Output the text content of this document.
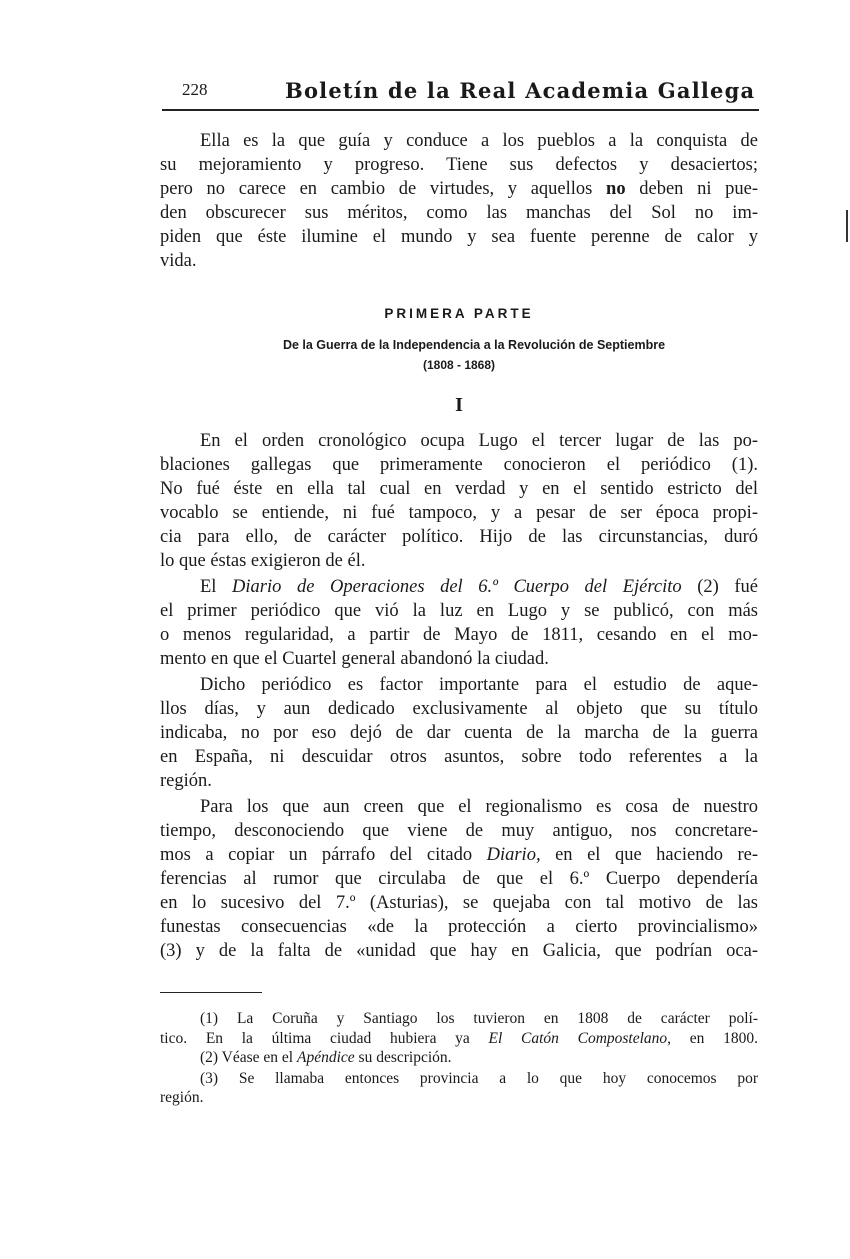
228	Boletín de la Real Academia Gallega
Ella es la que guía y conduce a los pueblos a la conquista de
su mejoramiento y progreso. Tiene sus defectos y desaciertos;
pero no carece en cambio de virtudes, y aquellos no deben ni pue-
den obscurecer sus méritos, como las manchas del Sol no im-
piden que éste ilumine el mundo y sea fuente perenne de calor y
vida.
PRIMERA PARTE
De la Guerra de la Independencia a la Revolución de Septiembre
(1808 - 1868)
I
En el orden cronológico ocupa Lugo el tercer lugar de las po-
blaciones gallegas que primeramente conocieron el periódico (1).
No fué éste en ella tal cual en verdad y en el sentido estricto del
vocablo se entiende, ni fué tampoco, y a pesar de ser época propi-
cia para ello, de carácter político. Hijo de las circunstancias, duró
lo que éstas exigieron de él.
El Diario de Operaciones del 6.º Cuerpo del Ejército (2) fué
el primer periódico que vió la luz en Lugo y se publicó, con más
o menos regularidad, a partir de Mayo de 1811, cesando en el mo-
mento en que el Cuartel general abandonó la ciudad.
Dicho periódico es factor importante para el estudio de aque-
llos días, y aun dedicado exclusivamente al objeto que su título
indicaba, no por eso dejó de dar cuenta de la marcha de la guerra
en España, ni descuidar otros asuntos, sobre todo referentes a la
región.
Para los que aun creen que el regionalismo es cosa de nuestro
tiempo, desconociendo que viene de muy antiguo, nos concretare-
mos a copiar un párrafo del citado Diario, en el que haciendo re-
ferencias al rumor que circulaba de que el 6.º Cuerpo dependería
en lo sucesivo del 7.º (Asturias), se quejaba con tal motivo de las
funestas consecuencias «de la protección a cierto provincialismo»
(3) y de la falta de «unidad que hay en Galicia, que podrían oca-
(1) La Coruña y Santiago los tuvieron en 1808 de carácter polí-
tico. En la última ciudad hubiera ya El Catón Compostelano, en 1800.
(2) Véase en el Apéndice su descripción.
(3) Se llamaba entonces provincia a lo que hoy conocemos por
región.
